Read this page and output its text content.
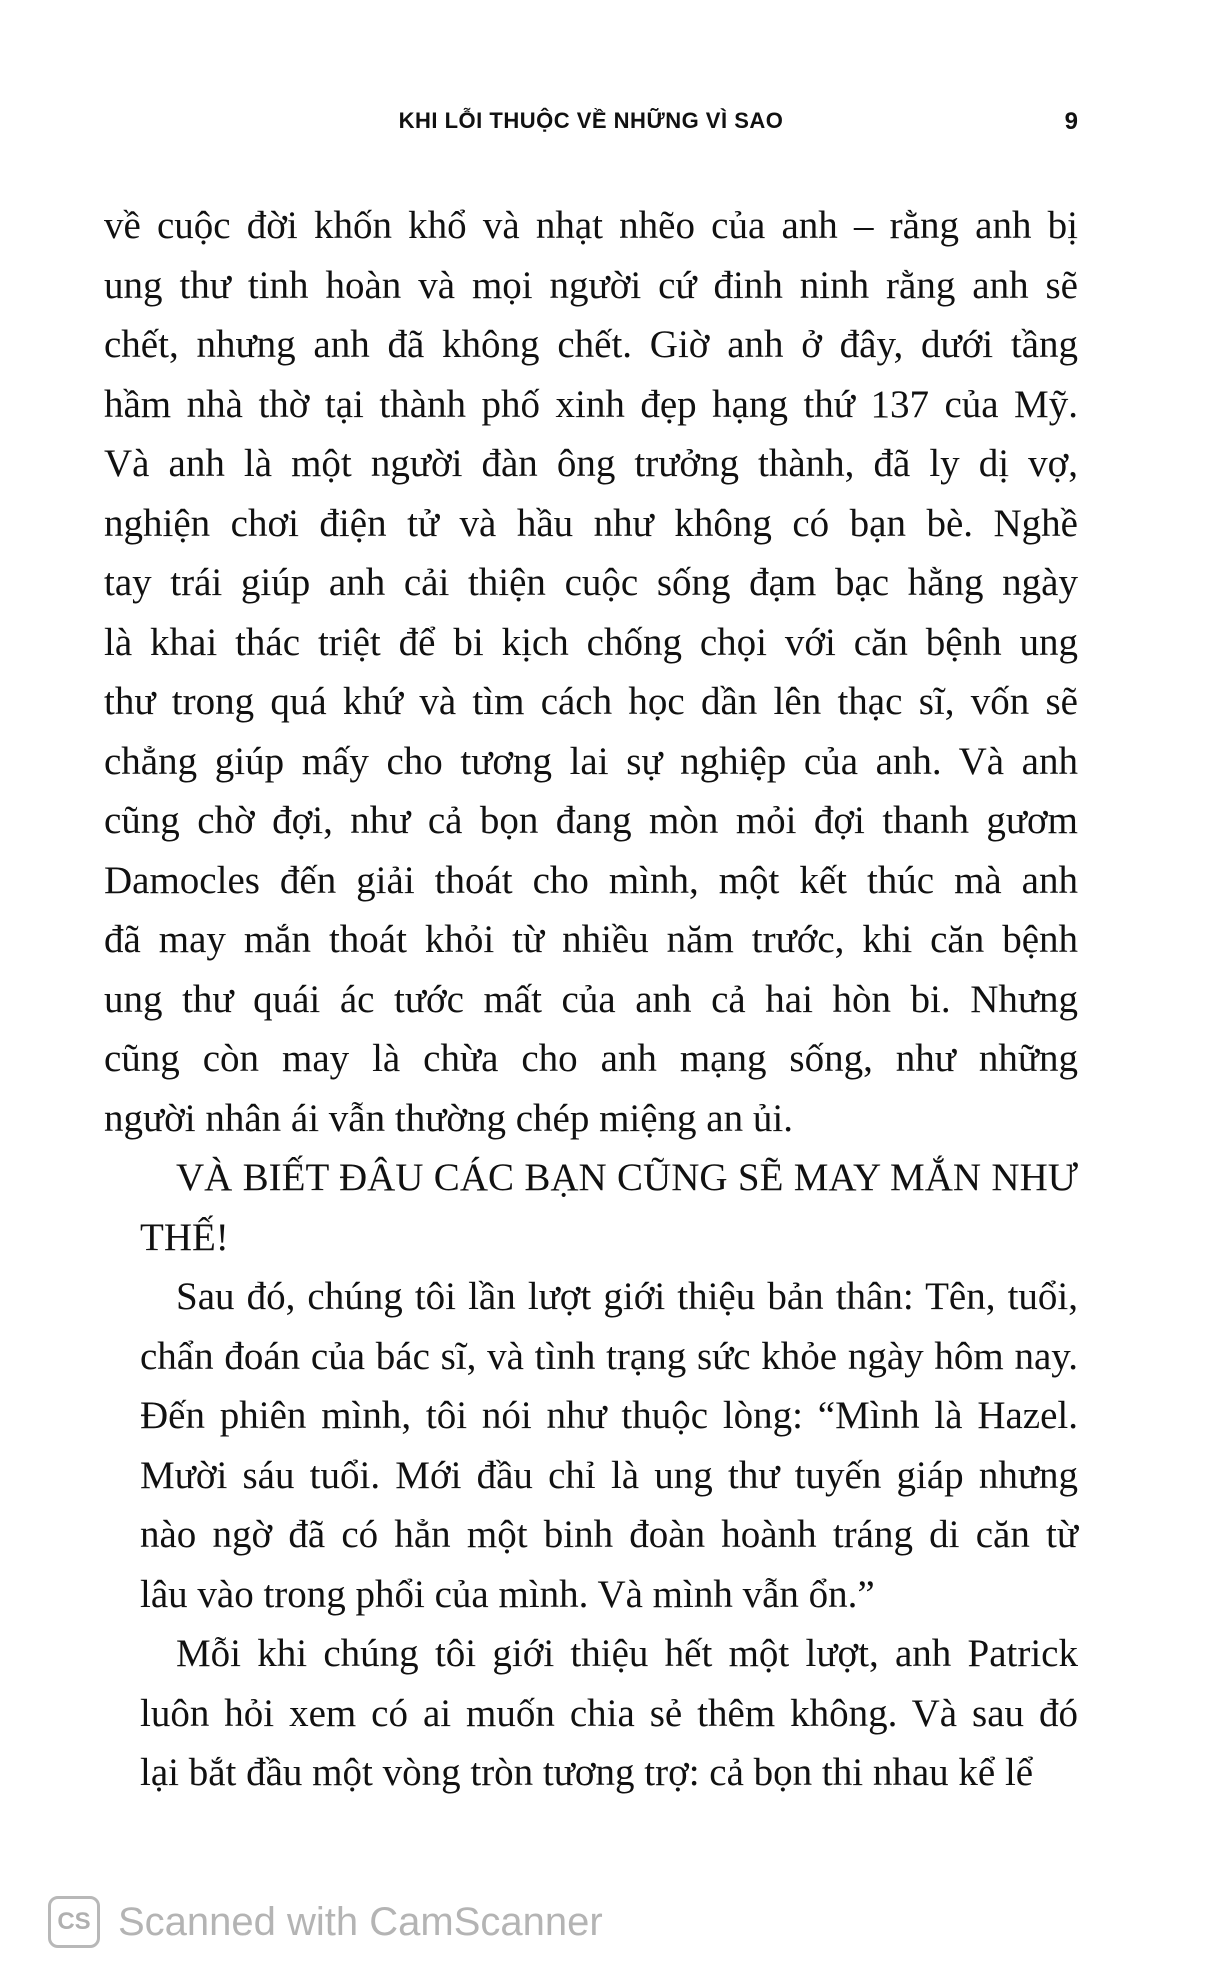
KHI LỖI THUỘC VỀ NHỮNG VÌ SAO	9
về cuộc đời khốn khổ và nhạt nhẽo của anh – rằng anh bị
ung thư tinh hoàn và mọi người cứ đinh ninh rằng anh sẽ
chết, nhưng anh đã không chết. Giờ anh ở đây, dưới tầng
hầm nhà thờ tại thành phố xinh đẹp hạng thứ 137 của Mỹ.
Và anh là một người đàn ông trưởng thành, đã ly dị vợ,
nghiện chơi điện tử và hầu như không có bạn bè. Nghề
tay trái giúp anh cải thiện cuộc sống đạm bạc hằng ngày
là khai thác triệt để bi kịch chống chọi với căn bệnh ung
thư trong quá khứ và tìm cách học dần lên thạc sĩ, vốn sẽ
chẳng giúp mấy cho tương lai sự nghiệp của anh. Và anh
cũng chờ đợi, như cả bọn đang mòn mỏi đợi thanh gươm
Damocles đến giải thoát cho mình, một kết thúc mà anh
đã may mắn thoát khỏi từ nhiều năm trước, khi căn bệnh
ung thư quái ác tước mất của anh cả hai hòn bi. Nhưng
cũng còn may là chừa cho anh mạng sống, như những
người nhân ái vẫn thường chép miệng an ủi.
VÀ BIẾT ĐÂU CÁC BẠN CŨNG SẼ MAY MẮN NHƯ
THẾ!
Sau đó, chúng tôi lần lượt giới thiệu bản thân: Tên, tuổi,
chẩn đoán của bác sĩ, và tình trạng sức khỏe ngày hôm nay.
Đến phiên mình, tôi nói như thuộc lòng: “Mình là Hazel.
Mười sáu tuổi. Mới đầu chỉ là ung thư tuyến giáp nhưng
nào ngờ đã có hẳn một binh đoàn hoành tráng di căn từ
lâu vào trong phổi của mình. Và mình vẫn ổn.”
Mỗi khi chúng tôi giới thiệu hết một lượt, anh Patrick
luôn hỏi xem có ai muốn chia sẻ thêm không. Và sau đó
lại bắt đầu một vòng tròn tương trợ: cả bọn thi nhau kể lể
CS Scanned with CamScanner
